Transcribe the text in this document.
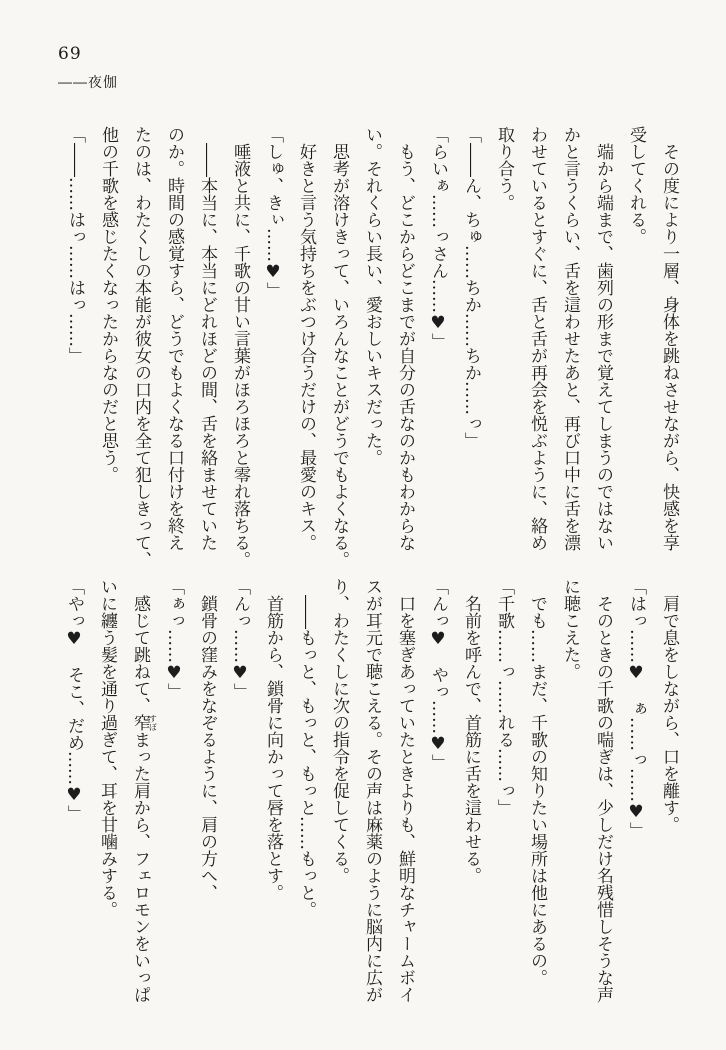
69
――夜伽
その度により一層、身体を跳ねさせながら、快感を享
受してくれる。
端から端まで、歯列の形まで覚えてしまうのではない
かと言うくらい、舌を這わせたあと、再び口中に舌を漂
わせているとすぐに、舌と舌が再会を悦ぶように、絡め
取り合う。
「――ん、ちゅ……ちか……ちか……っ」
「らいぁ……っさん……♥」
もう、どこからどこまでが自分の舌なのかもわからな
い。それくらい長い、愛おしいキスだった。
思考が溶けきって、いろんなことがどうでもよくなる。
好きと言う気持ちをぶつけ合うだけの、最愛のキス。
「しゅ、きぃ……♥」
唾液と共に、千歌の甘い言葉がほろほろと零れ落ちる。
――本当に、本当にどれほどの間、舌を絡ませていた
のか。時間の感覚すら、どうでもよくなる口付けを終え
たのは、わたくしの本能が彼女の口内を全て犯しきって、
他の千歌を感じたくなったからなのだと思う。
「――……はっ……はっ……」
肩で息をしながら、口を離す。
「はっ……♥　ぁ……っ……♥」
そのときの千歌の喘ぎは、少しだけ名残惜しそうな声
に聴こえた。
でも……まだ、千歌の知りたい場所は他にあるの。
「千歌……っ……れる……っ」
名前を呼んで、首筋に舌を這わせる。
「んっ♥　やっ……♥」
口を塞ぎあっていたときよりも、鮮明なチャームボイ
スが耳元で聴こえる。その声は麻薬のように脳内に広が
り、わたくしに次の指令を促してくる。
――もっと、もっと、もっと……もっと。
首筋から、鎖骨に向かって唇を落とす。
「んっ……♥」
鎖骨の窪みをなぞるように、肩の方へ、
「ぁっ……♥」
感じて跳ねて、窄すぼまった肩から、フェロモンをいっぱ
いに纏う髪を通り過ぎて、耳を甘噛みする。
「やっ♥　そこ、だめ……♥」
